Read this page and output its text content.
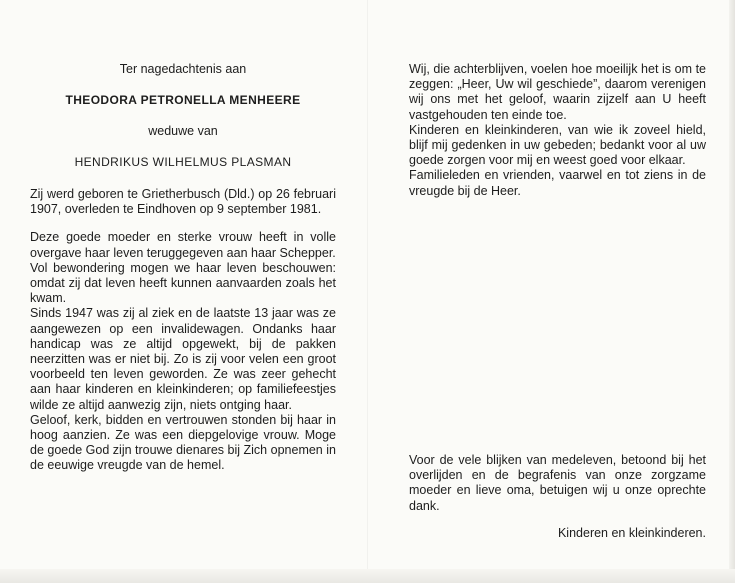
Ter nagedachtenis aan
THEODORA PETRONELLA MENHEERE
weduwe van
HENDRIKUS WILHELMUS PLASMAN

Zij werd geboren te Grietherbusch (Dld.) op 26 februari 1907, overleden te Eindhoven op 9 september 1981.

Deze goede moeder en sterke vrouw heeft in volle overgave haar leven teruggegeven aan haar Schepper.

Vol bewondering mogen we haar leven beschouwen: omdat zij dat leven heeft kunnen aanvaarden zoals het kwam.

Sinds 1947 was zij al ziek en de laatste 13 jaar was ze aangewezen op een invalidewagen. Ondanks haar handicap was ze altijd opgewekt, bij de pakken neerzitten was er niet bij. Zo is zij voor velen een groot voorbeeld ten leven geworden. Ze was zeer gehecht aan haar kinderen en kleinkinderen; op familiefeestjes wilde ze altijd aanwezig zijn, niets ontging haar.

Geloof, kerk, bidden en vertrouwen stonden bij haar in hoog aanzien. Ze was een diepgelovige vrouw. Moge de goede God zijn trouwe dienares bij Zich opnemen in de eeuwige vreugde van de hemel.

Wij, die achterblijven, voelen hoe moeilijk het is om te zeggen: „Heer, Uw wil geschiede”, daarom verenigen wij ons met het geloof, waarin zijzelf aan U heeft vastgehouden ten einde toe.

Kinderen en kleinkinderen, van wie ik zoveel hield, blijf mij gedenken in uw gebeden; bedankt voor al uw goede zorgen voor mij en weest goed voor elkaar.

Familieleden en vrienden, vaarwel en tot ziens in de vreugde bij de Heer.

Voor de vele blijken van medeleven, betoond bij het overlijden en de begrafenis van onze zorgzame moeder en lieve oma, betuigen wij u onze oprechte dank.

Kinderen en kleinkinderen.
